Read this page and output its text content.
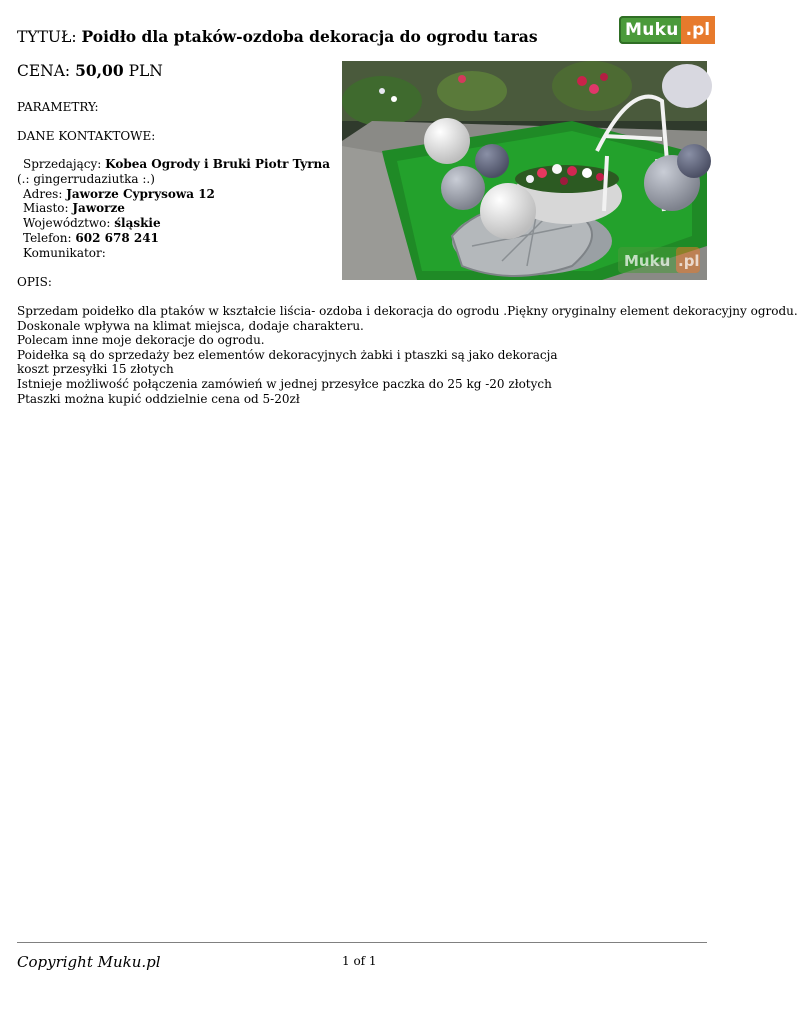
TYTUŁ: Poidło dla ptaków-ozdoba dekoracja do ogrodu taras	Muku .pl
CENA: 50,00 PLN
PARAMETRY:
DANE KONTAKTOWE:
Sprzedający: Kobea Ogrody i Bruki Piotr Tyrna (.: gingerrudaziutka :.)
Adres: Jaworze Cyprysowa 12
Miasto: Jaworze
Województwo: śląskie
Telefon: 602 678 241
Komunikator:
OPIS:
Sprzedam poidełko dla ptaków w kształcie liścia- ozdoba i dekoracja do ogrodu .Piękny oryginalny element dekoracyjny ogrodu.
Doskonale wpływa na klimat miejsca, dodaje charakteru.
Polecam inne moje dekoracje do ogrodu.
Poidełka są do sprzedaży bez elementów dekoracyjnych żabki i ptaszki są jako dekoracja
koszt przesyłki 15 złotych
Istnieje możliwość połączenia zamówień w jednej przesyłce paczka do 25 kg -20 złotych
Ptaszki można kupić oddzielnie cena od 5-20zł
Muku .pl
Copyright Muku.pl	1 of 1
